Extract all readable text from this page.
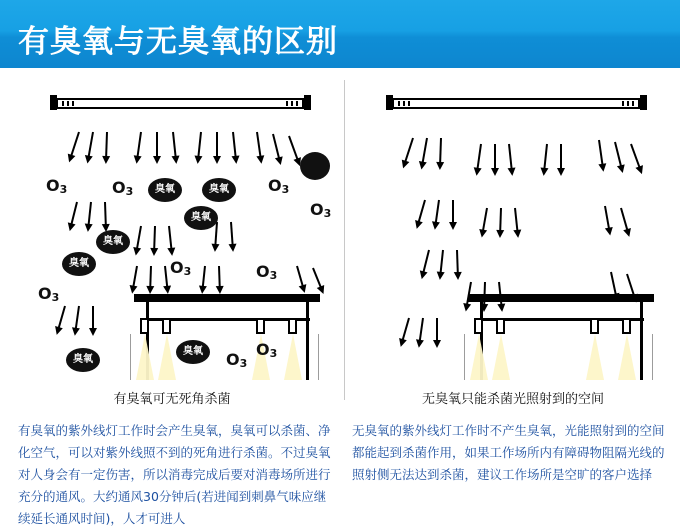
有臭氧与无臭氧的区别
$O_3$	$O_3$	臭氧	臭氧	$O_3$
臭氧	$O_3$
臭氧
臭氧	$O_3$	$O_3$
$O_3$
臭氧
臭氧	$O_3$
$O_3$
有臭氧可无死角杀菌
有臭氧的紫外线灯工作时会产生臭氧，臭氧可以杀菌、净化空气，可以对紫外线照不到的死角进行杀菌。不过臭氧对人身会有一定伤害，所以消毒完成后要对消毒场所进行充分的通风。大约通风30分钟后(若进闻到刺鼻气味应继续延长通风时间)，人才可进人
无臭氧只能杀菌光照射到的空间
无臭氧的紫外线灯工作时不产生臭氧，光能照射到的空间都能起到杀菌作用，如果工作场所内有障碍物阻隔光线的照射侧无法达到杀菌，建议工作场所是空旷的客户选择
